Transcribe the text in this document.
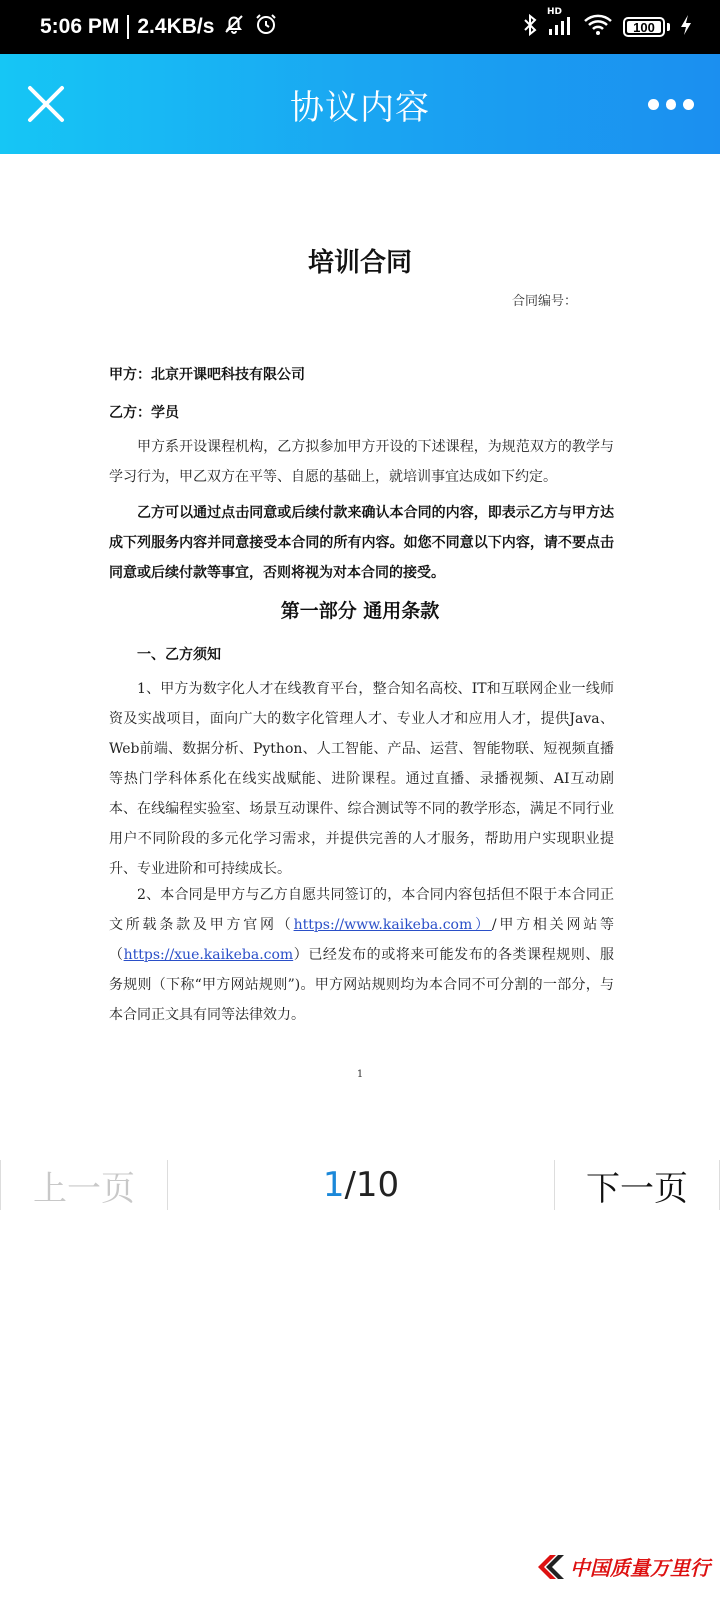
5:06 PM 2.4KB/s
HD
100
协议内容
培训合同
合同编号：
甲方：北京开课吧科技有限公司
乙方：学员
甲方系开设课程机构，乙方拟参加甲方开设的下述课程，为规范双方的教学与学习行为，甲乙双方在平等、自愿的基础上，就培训事宜达成如下约定。
乙方可以通过点击同意或后续付款来确认本合同的内容，即表示乙方与甲方达成下列服务内容并同意接受本合同的所有内容。如您不同意以下内容，请不要点击同意或后续付款等事宜，否则将视为对本合同的接受。
第一部分 通用条款
一、乙方须知
1、甲方为数字化人才在线教育平台，整合知名高校、IT和互联网企业一线师资及实战项目，面向广大的数字化管理人才、专业人才和应用人才，提供Java、Web前端、数据分析、Python、人工智能、产品、运营、智能物联、短视频直播等热门学科体系化在线实战赋能、进阶课程。通过直播、录播视频、AI互动剧本、在线编程实验室、场景互动课件、综合测试等不同的教学形态，满足不同行业用户不同阶段的多元化学习需求，并提供完善的人才服务，帮助用户实现职业提升、专业进阶和可持续成长。
2、本合同是甲方与乙方自愿共同签订的，本合同内容包括但不限于本合同正文所载条款及甲方官网（https://www.kaikeba.com）/甲方相关网站等（https://xue.kaikeba.com）已经发布的或将来可能发布的各类课程规则、服务规则（下称“甲方网站规则”)。甲方网站规则均为本合同不可分割的一部分，与本合同正文具有同等法律效力。
1
上一页	1 /10	下一页
中国质量万里行
